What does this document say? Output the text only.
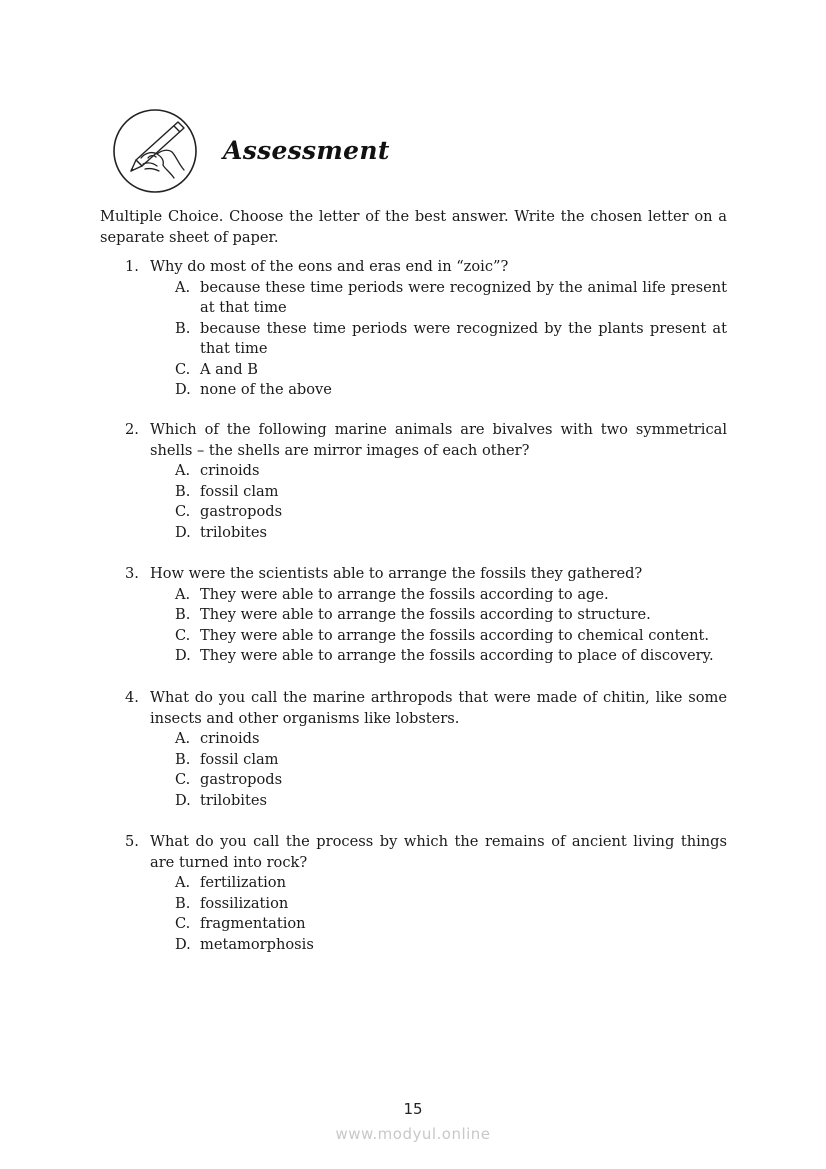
Assessment
Multiple Choice. Choose the letter of the best answer. Write the chosen letter on a separate sheet of paper.
1. Why do most of the eons and eras end in “zoic”?
A. because these time periods were recognized by the animal life present at that time
B. because these time periods were recognized by the plants present at that time
C. A and B
D. none of the above
2. Which of the following marine animals are bivalves with two symmetrical shells – the shells are mirror images of each other?
A. crinoids
B. fossil clam
C. gastropods
D. trilobites
3. How were the scientists able to arrange the fossils they gathered?
A. They were able to arrange the fossils according to age.
B. They were able to arrange the fossils according to structure.
C. They were able to arrange the fossils according to chemical content.
D. They were able to arrange the fossils according to place of discovery.
4. What do you call the marine arthropods that were made of chitin, like some insects and other organisms like lobsters.
A. crinoids
B. fossil clam
C. gastropods
D. trilobites
5. What do you call the process by which the remains of ancient living things are turned into rock?
A. fertilization
B. fossilization
C. fragmentation
D. metamorphosis
15
www.modyul.online
